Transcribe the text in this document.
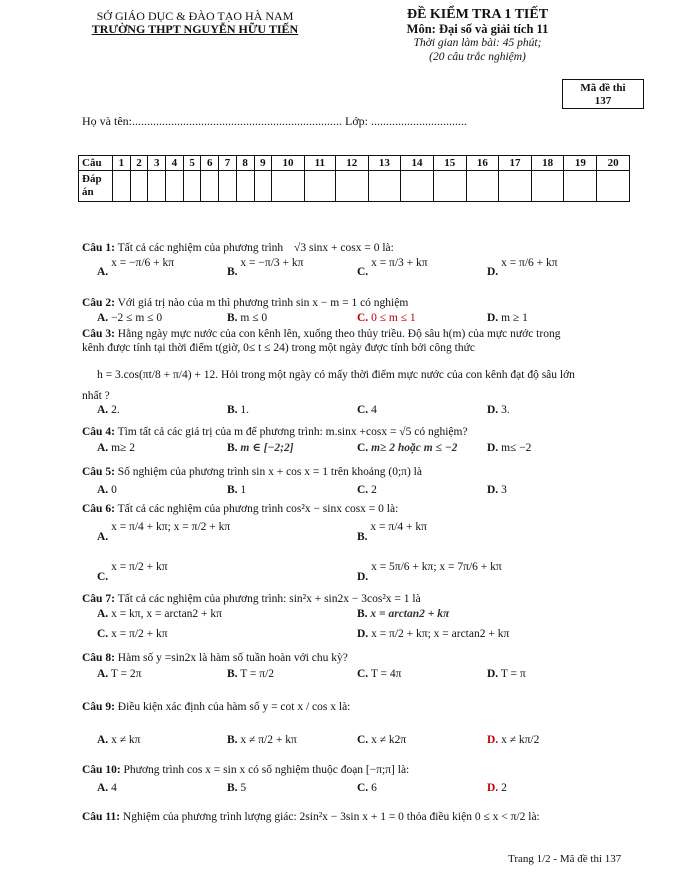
SỞ GIÁO DỤC & ĐÀO TẠO HÀ NAM
TRƯỜNG THPT NGUYỄN HỮU TIẾN
ĐỀ KIỂM TRA 1 TIẾT
Môn: Đại số và giải tích 11
Thời gian làm bài: 45 phút;
(20 câu trắc nghiệm)
Mã đề thi
137
Họ và tên:...................................................................... Lớp: ................................
Câu	1	2	3	4	5	6	7	8	9	10	11	12	13	14	15	16	17	18	19	20
Đáp án																				
Câu 1: Tất cả các nghiệm của phương trình √3 sinx + cosx = 0 là:
A. x = −π/6 + kπ
B. x = −π/3 + kπ
C. x = π/3 + kπ
D. x = π/6 + kπ
Câu 2: Với giá trị nào của m thì phương trình sin x − m = 1 có nghiệm
A. −2 ≤ m ≤ 0	B. m ≤ 0	C. 0 ≤ m ≤ 1	D. m ≥ 1
Câu 3: Hằng ngày mực nước của con kênh lên, xuống theo thủy triều. Độ sâu h(m) của mực nước trong
kênh được tính tại thời điểm t(giờ, 0≤ t ≤ 24) trong một ngày được tính bởi công thức
h = 3.cos(πt/8 + π/4) + 12. Hỏi trong một ngày có mấy thời điểm mực nước của con kênh đạt độ sâu lớn
nhất ?
A. 2.	B. 1.	C. 4	D. 3.
Câu 4: Tìm tất cả các giá trị của m để phương trình: m.sinx +cosx = √5 có nghiệm?
A. m≥ 2	B. m ∈ [−2;2]	C. m≥ 2 hoặc m ≤ −2	D. m≤ −2
Câu 5: Số nghiệm của phương trình sin x + cos x = 1 trên khoảng (0;π) là
A. 0	B. 1	C. 2	D. 3
Câu 6: Tất cả các nghiệm của phương trình cos²x − sinx cosx = 0 là:
A. x = π/4 + kπ; x = π/2 + kπ
B. x = π/4 + kπ
C. x = π/2 + kπ
D. x = 5π/6 + kπ; x = 7π/6 + kπ
Câu 7: Tất cả các nghiệm của phương trình: sin²x + sin2x − 3cos²x = 1 là
A. x = kπ, x = arctan2 + kπ	B. x = arctan2 + kπ
C. x = π/2 + kπ	D. x = π/2 + kπ; x = arctan2 + kπ
Câu 8: Hàm số y =sin2x là hàm số tuần hoàn với chu kỳ?
A. T = 2π	B. T = π/2	C. T = 4π	D. T = π
Câu 9: Điều kiện xác định của hàm số y = cot x / cos x là:
A. x ≠ kπ	B. x ≠ π/2 + kπ	C. x ≠ k2π	D. x ≠ kπ/2
Câu 10: Phương trình cos x = sin x có số nghiệm thuộc đoạn [−π;π] là:
A. 4	B. 5	C. 6	D. 2
Câu 11: Nghiệm của phương trình lượng giác: 2sin²x − 3sin x + 1 = 0 thỏa điều kiện 0 ≤ x < π/2 là:
Trang 1/2 - Mã đề thi 137
